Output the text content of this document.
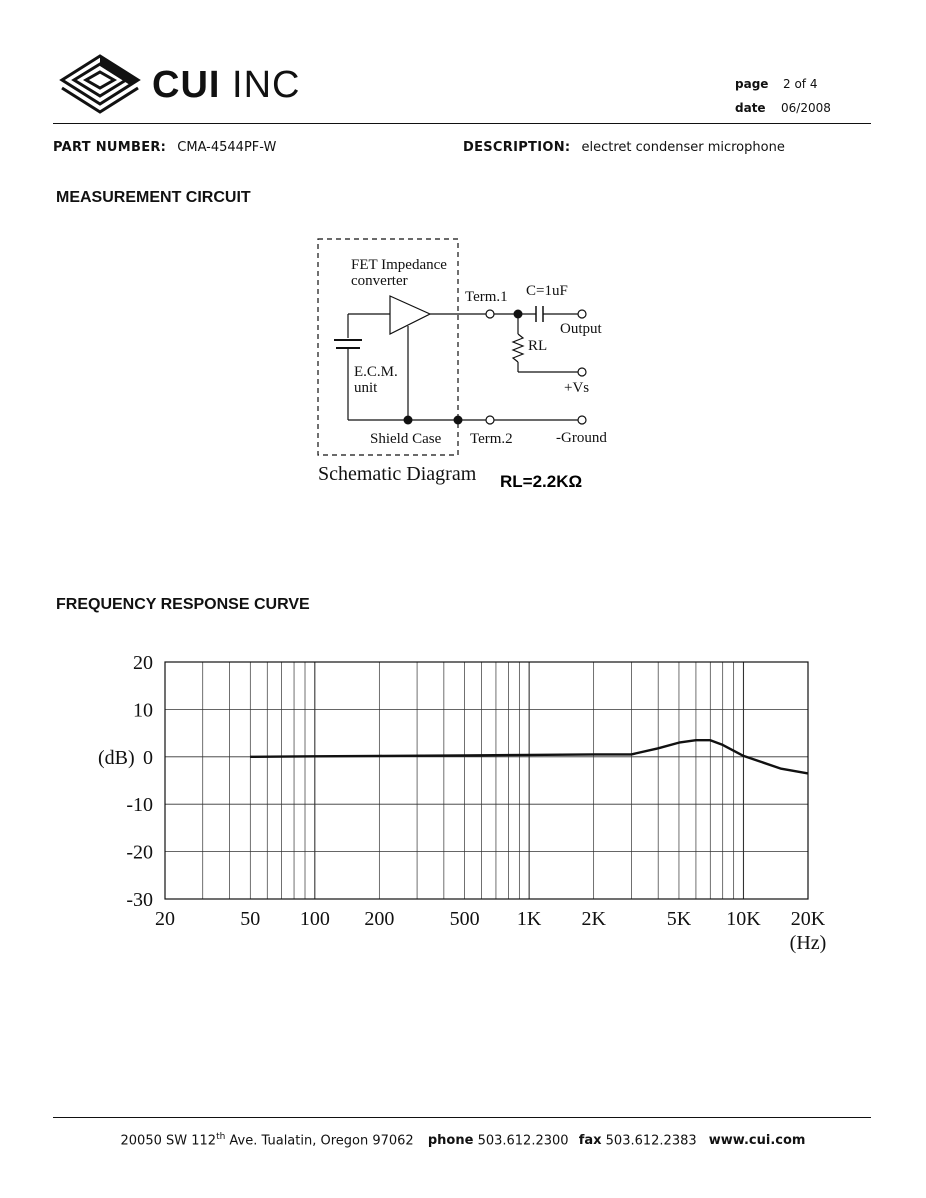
CUI INC	page 2 of 4
date 06/2008
PART NUMBER: CMA-4544PF-W	DESCRIPTION: electret condenser microphone
MEASUREMENT CIRCUIT
FET Impedance
converter
Term.1 C=1uF
Output
RL
E.C.M.
unit	+Vs
Shield Case Term.2	-Ground
Schematic Diagram RL=2.2KΩ
FREQUENCY RESPONSE CURVE
20
10
0
-10
-20
-30
(dB)
20	50 100 200	500 1K 2K	5K 10K 20K
(Hz)
20050 SW 112th Ave. Tualatin, Oregon 97062 phone 503.612.2300 fax 503.612.2383 www.cui.com
